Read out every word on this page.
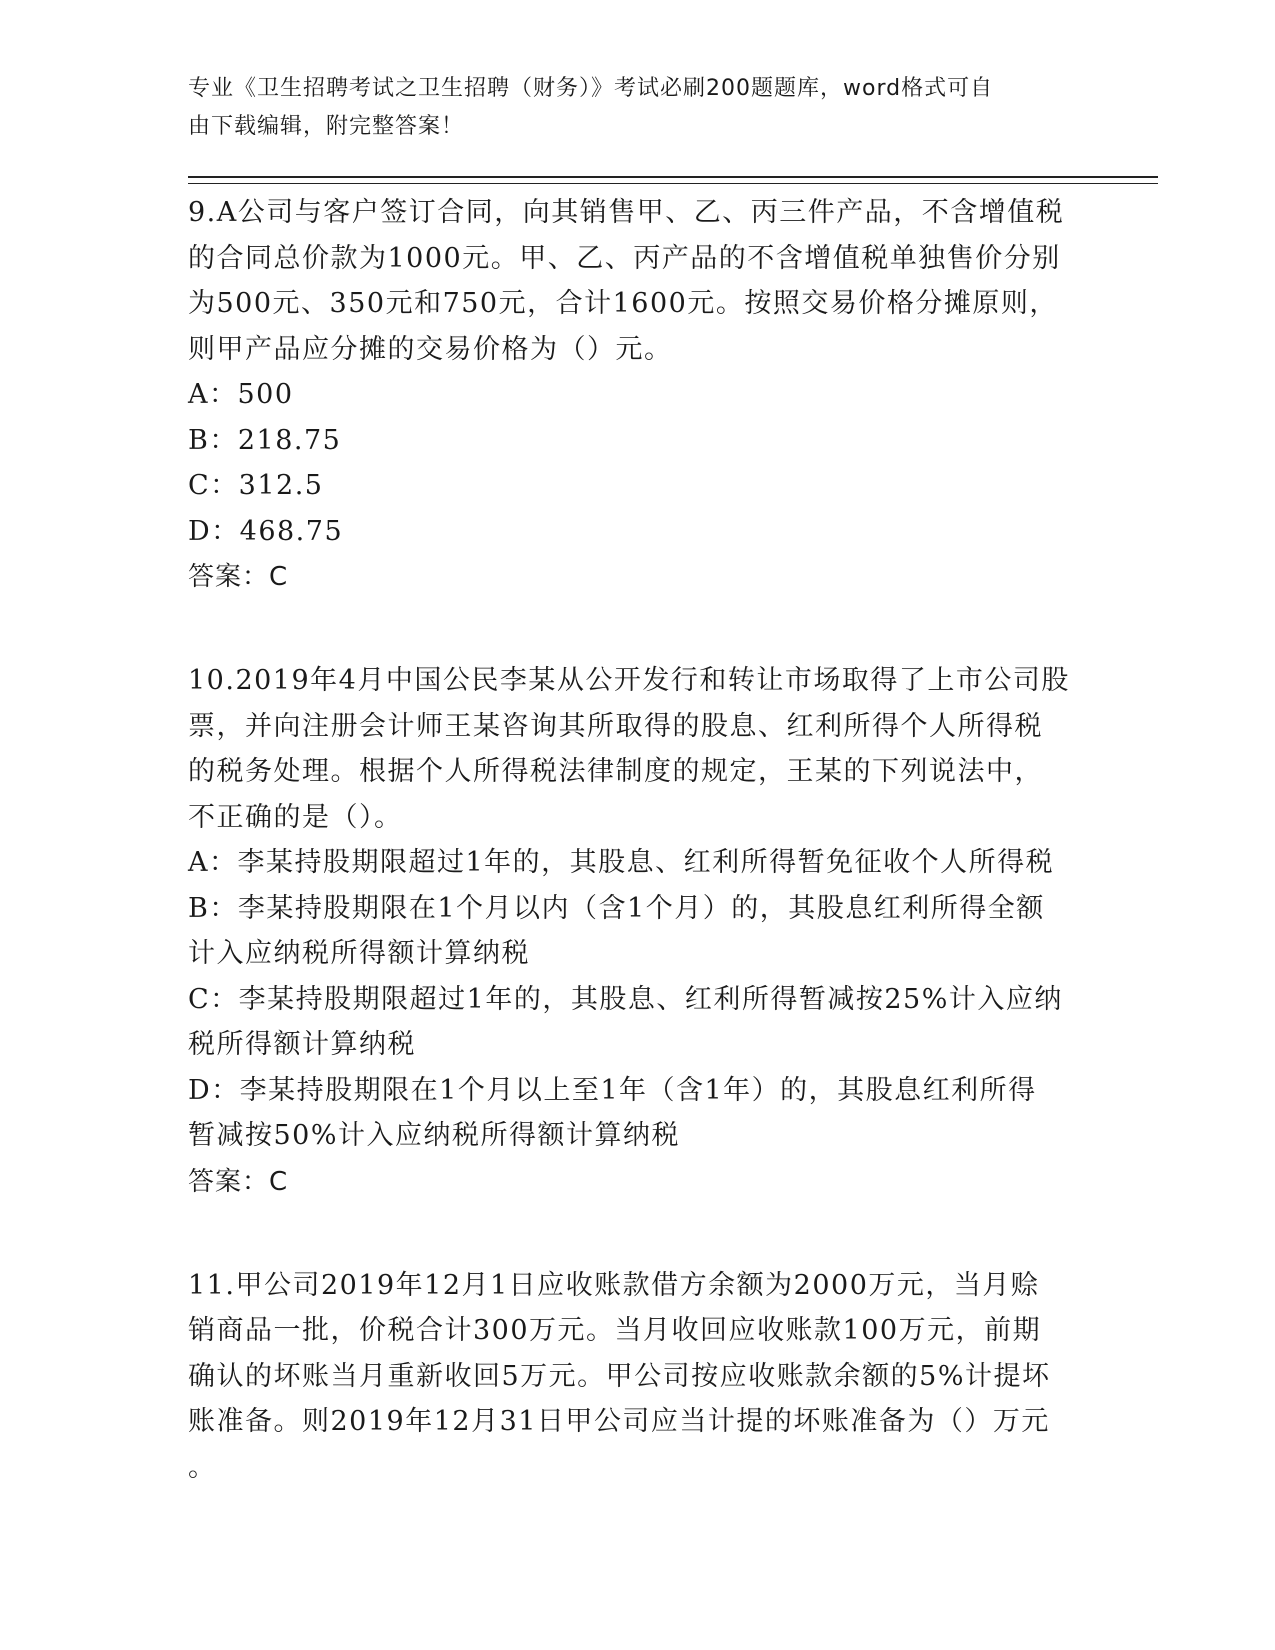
专业《卫生招聘考试之卫生招聘（财务）》考试必刷200题题库，word格式可自
由下载编辑，附完整答案！
9.A公司与客户签订合同，向其销售甲、乙、丙三件产品，不含增值税
的合同总价款为1000元。甲、乙、丙产品的不含增值税单独售价分别
为500元、350元和750元，合计1600元。按照交易价格分摊原则，
则甲产品应分摊的交易价格为（）元。
A：500
B：218.75
C：312.5
D：468.75
答案：C
10.2019年4月中国公民李某从公开发行和转让市场取得了上市公司股
票，并向注册会计师王某咨询其所取得的股息、红利所得个人所得税
的税务处理。根据个人所得税法律制度的规定，王某的下列说法中，
不正确的是（）。
A：李某持股期限超过1年的，其股息、红利所得暂免征收个人所得税
B：李某持股期限在1个月以内（含1个月）的，其股息红利所得全额
计入应纳税所得额计算纳税
C：李某持股期限超过1年的，其股息、红利所得暂减按25%计入应纳
税所得额计算纳税
D：李某持股期限在1个月以上至1年（含1年）的，其股息红利所得
暂减按50%计入应纳税所得额计算纳税
答案：C
11.甲公司2019年12月1日应收账款借方余额为2000万元，当月赊
销商品一批，价税合计300万元。当月收回应收账款100万元，前期
确认的坏账当月重新收回5万元。甲公司按应收账款余额的5%计提坏
账准备。则2019年12月31日甲公司应当计提的坏账准备为（）万元
。
